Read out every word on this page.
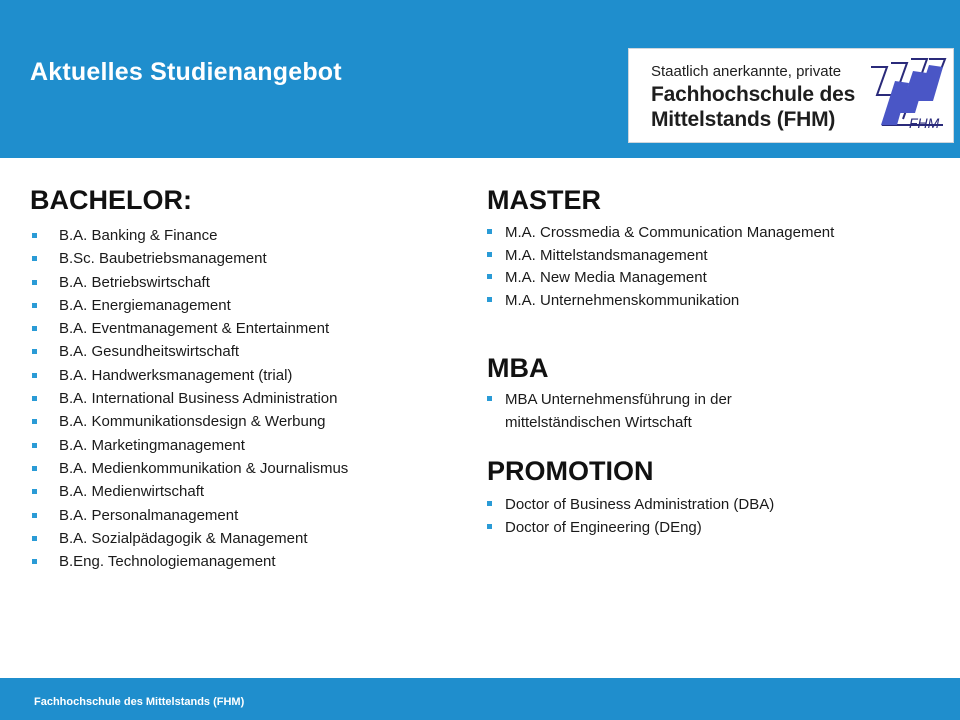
Aktuelles Studienangebot	Staatlich anerkannte, private
Fachhochschule des
Mittelstands (FHM)	FHM
BACHELOR:
B.A. Banking & Finance
B.Sc. Baubetriebsmanagement
B.A. Betriebswirtschaft
B.A. Energiemanagement
B.A. Eventmanagement & Entertainment
B.A. Gesundheitswirtschaft
B.A. Handwerksmanagement (trial)
B.A. International Business Administration
B.A. Kommunikationsdesign & Werbung
B.A. Marketingmanagement
B.A. Medienkommunikation & Journalismus
B.A. Medienwirtschaft
B.A. Personalmanagement
B.A. Sozialpädagogik & Management
B.Eng. Technologiemanagement
MASTER
M.A. Crossmedia & Communication Management
M.A. Mittelstandsmanagement
M.A. New Media Management
M.A. Unternehmenskommunikation
MBA
MBA Unternehmensführung in der mittelständischen Wirtschaft
PROMOTION
Doctor of Business Administration (DBA)
Doctor of Engineering (DEng)
Fachhochschule des Mittelstands (FHM)
